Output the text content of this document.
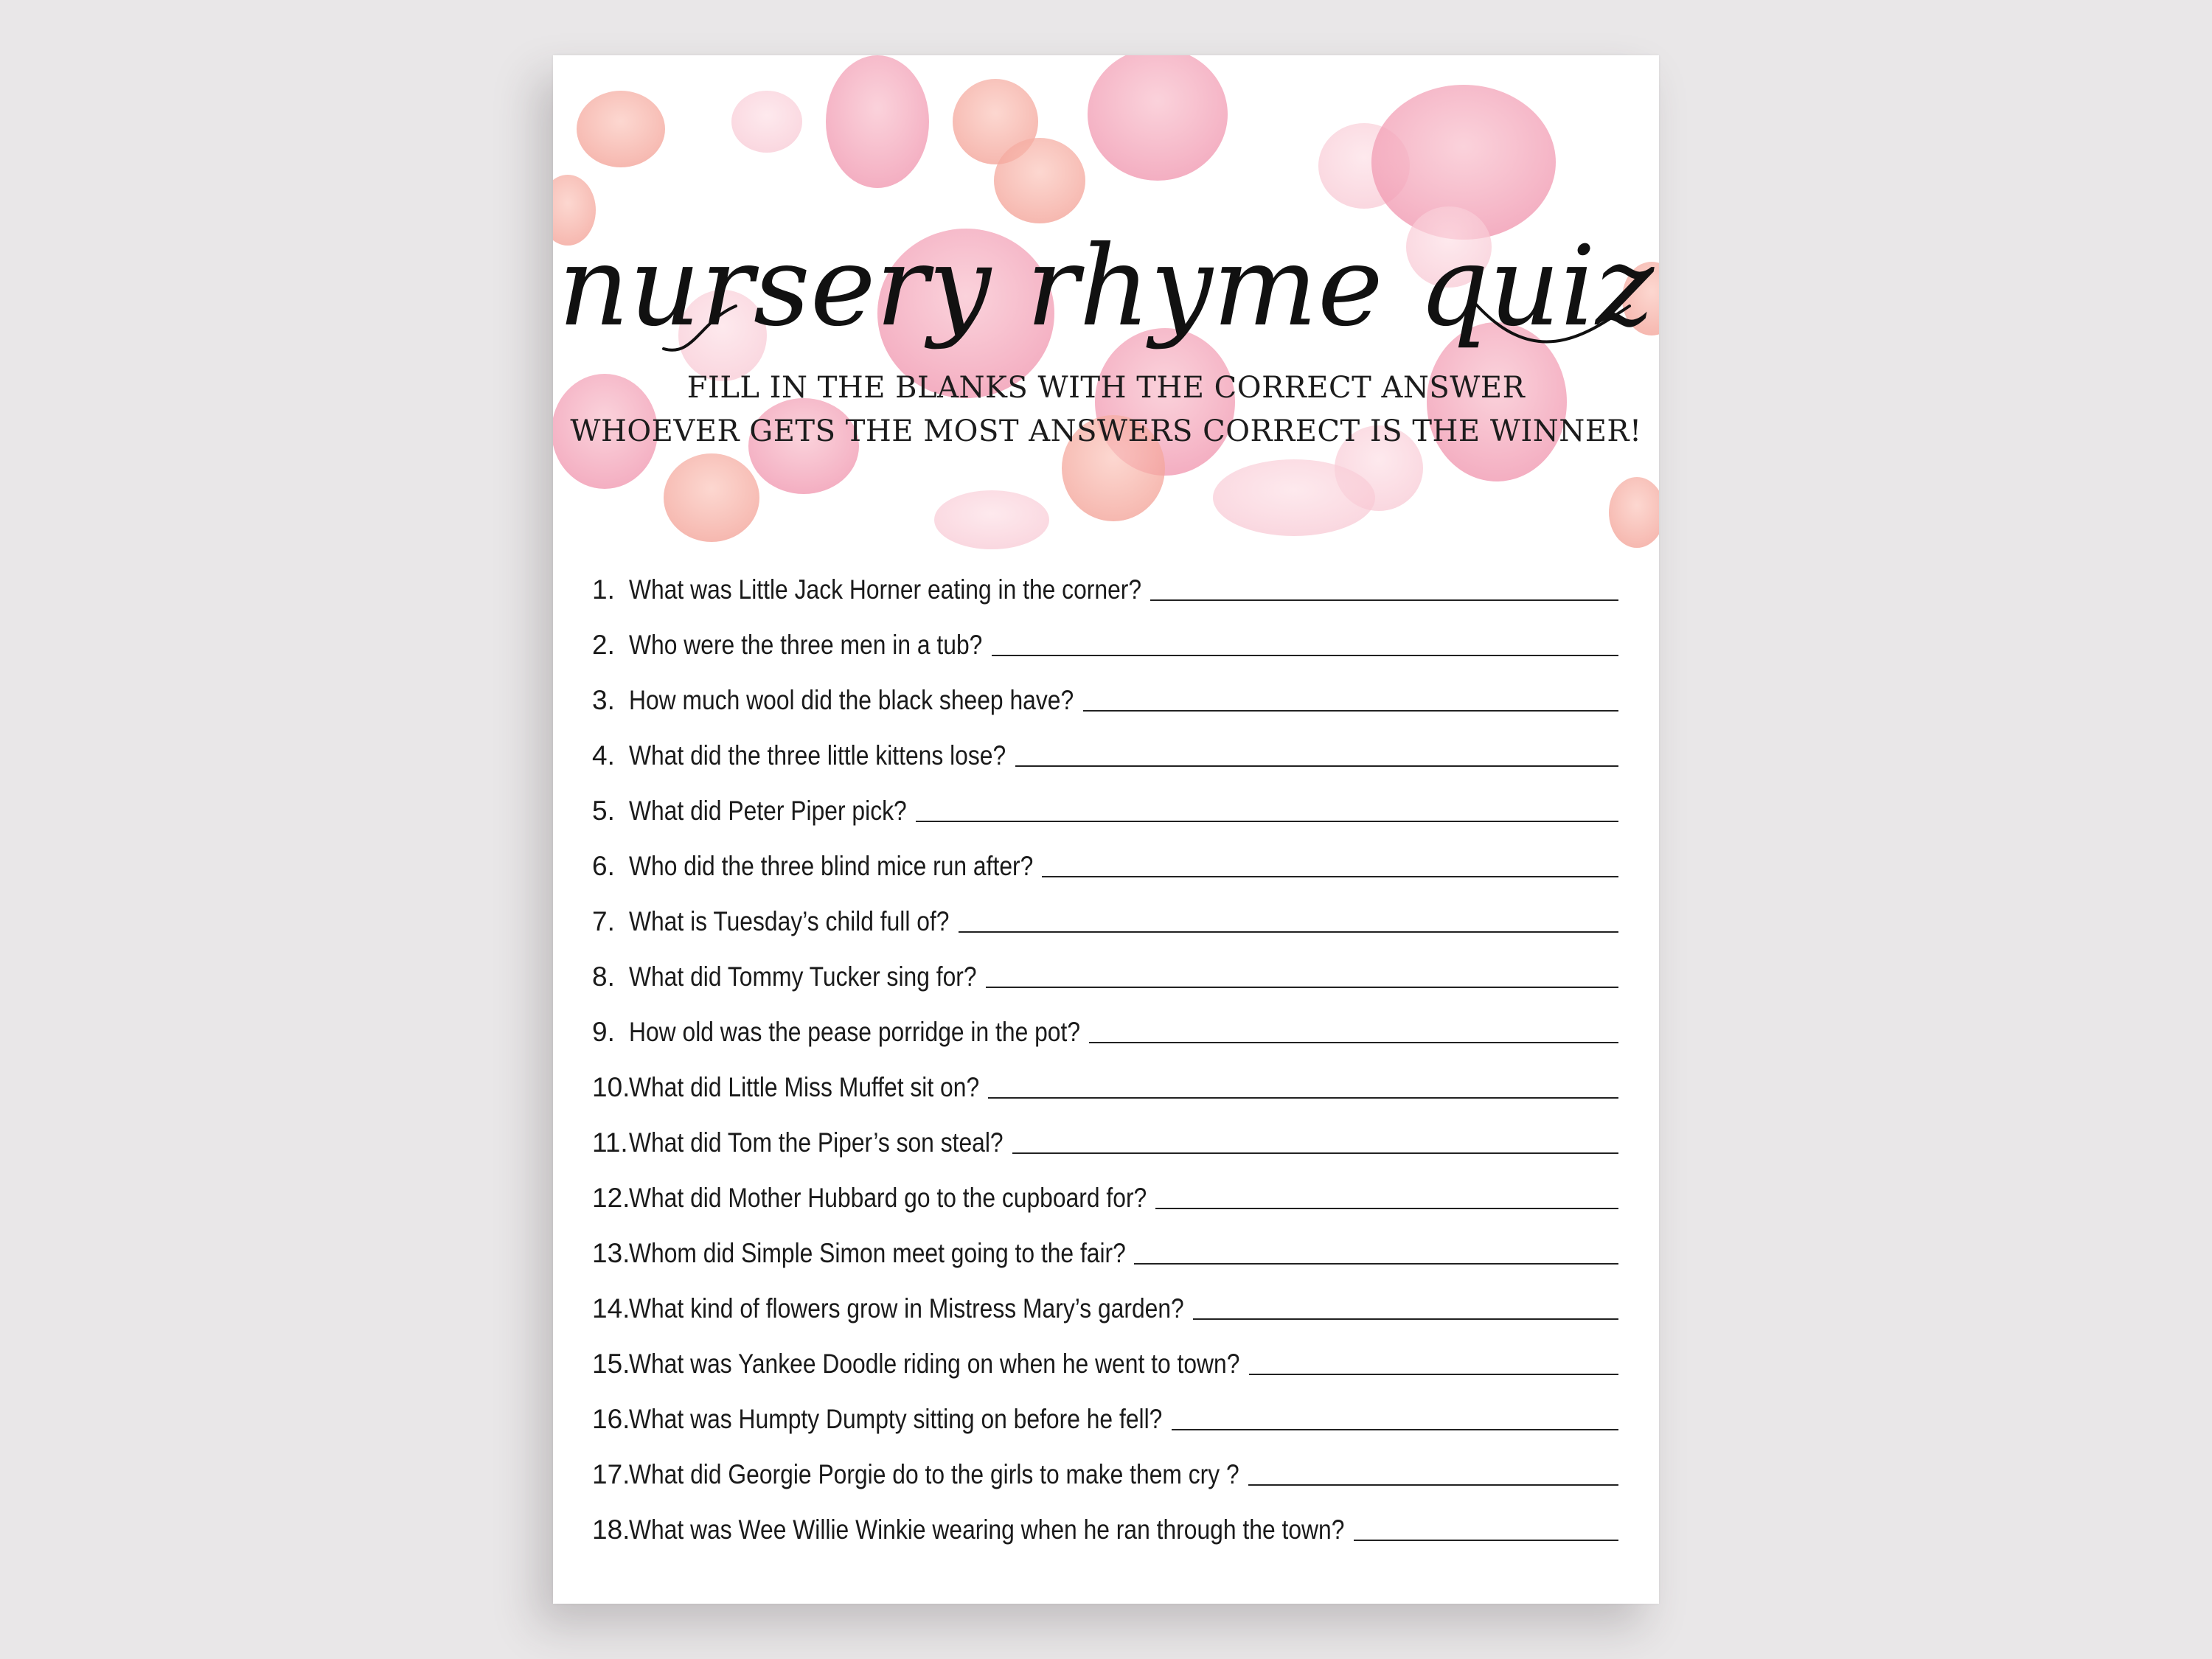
nursery rhyme quiz
FILL IN THE BLANKS WITH THE CORRECT ANSWER
WHOEVER GETS THE MOST ANSWERS CORRECT IS THE WINNER!
1. What was Little Jack Horner eating in the corner?
2. Who were the three men in a tub?
3. How much wool did the black sheep have?
4. What did the three little kittens lose?
5. What did Peter Piper pick?
6. Who did the three blind mice run after?
7. What is Tuesday’s child full of?
8. What did Tommy Tucker sing for?
9. How old was the pease porridge in the pot?
10.
What did Little Miss Muffet sit on?
11. What did Tom the Piper’s son steal?
12.
What did Mother Hubbard go to the cupboard for?
13.
Whom did Simple Simon meet going to the fair?
14.
What kind of flowers grow in Mistress Mary’s garden?
15.
What was Yankee Doodle riding on when he went to town?
16.
What was Humpty Dumpty sitting on before he fell?
17.
What did Georgie Porgie do to the girls to make them cry ?
18.
What was Wee Willie Winkie wearing when he ran through the town?
